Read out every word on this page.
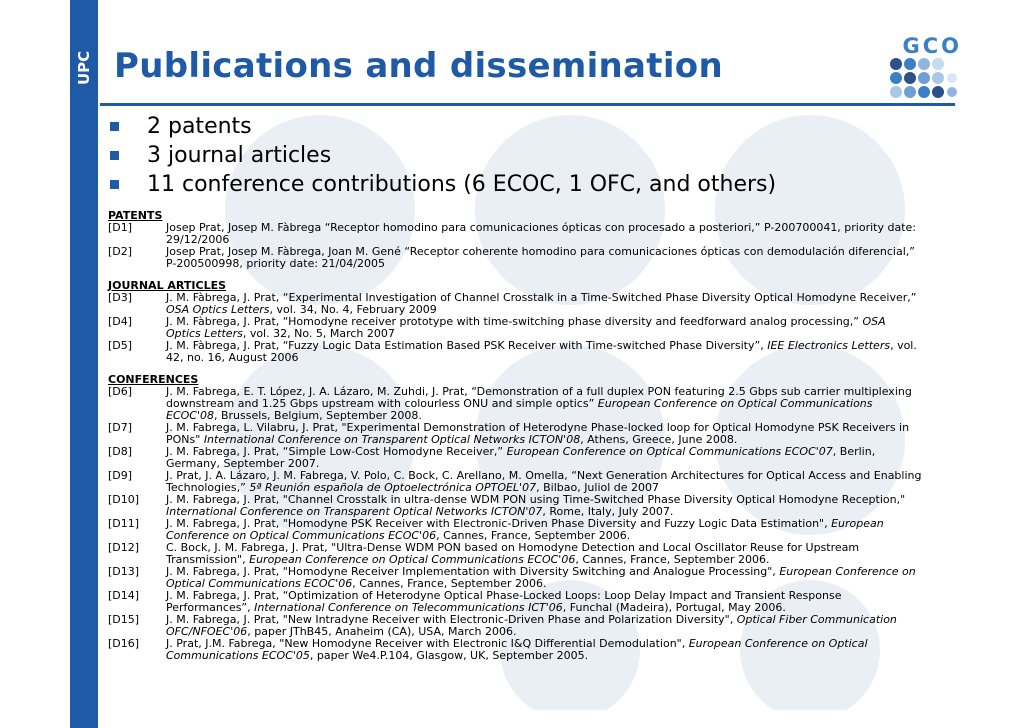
UPC Publications and dissemination	GCO
2 patents
3 journal articles
11 conference contributions (6 ECOC, 1 OFC, and others)
PATENTS
[D1]	Josep Prat, Josep M. Fàbrega “Receptor homodino para comunicaciones ópticas con procesado a posteriori,” P-200700041, priority date: 29/12/2006
[D2]	Josep Prat, Josep M. Fàbrega, Joan M. Gené “Receptor coherente homodino para comunicaciones ópticas con demodulación diferencial,” P-200500998, priority date: 21/04/2005
JOURNAL ARTICLES
[D3]	J. M. Fàbrega, J. Prat, “Experimental Investigation of Channel Crosstalk in a Time-Switched Phase Diversity Optical Homodyne Receiver,” OSA Optics Letters, vol. 34, No. 4, February 2009
[D4]	J. M. Fàbrega, J. Prat, “Homodyne receiver prototype with time-switching phase diversity and feedforward analog processing,” OSA Optics Letters, vol. 32, No. 5, March 2007
[D5]	J. M. Fàbrega, J. Prat, “Fuzzy Logic Data Estimation Based PSK Receiver with Time-switched Phase Diversity”, IEE Electronics Letters, vol. 42, no. 16, August 2006
CONFERENCES
[D6]	J. M. Fabrega, E. T. López, J. A. Lázaro, M. Zuhdi, J. Prat, “Demonstration of a full duplex PON featuring 2.5 Gbps sub carrier multiplexing downstream and 1.25 Gbps upstream with colourless ONU and simple optics” European Conference on Optical Communications ECOC'08, Brussels, Belgium, September 2008.
[D7]	J. M. Fabrega, L. Vilabru, J. Prat, "Experimental Demonstration of Heterodyne Phase-locked loop for Optical Homodyne PSK Receivers in PONs" International Conference on Transparent Optical Networks ICTON'08, Athens, Greece, June 2008.
[D8]	J. M. Fabrega, J. Prat, “Simple Low-Cost Homodyne Receiver,” European Conference on Optical Communications ECOC'07, Berlin, Germany, September 2007.
[D9]	J. Prat, J. A. Lázaro, J. M. Fabrega, V. Polo, C. Bock, C. Arellano, M. Omella, “Next Generation Architectures for Optical Access and Enabling Technologies,” 5ª Reunión española de Optoelectrónica OPTOEL'07, Bilbao, Juliol de 2007
[D10]	J. M. Fabrega, J. Prat, "Channel Crosstalk in ultra-dense WDM PON using Time-Switched Phase Diversity Optical Homodyne Reception," International Conference on Transparent Optical Networks ICTON'07, Rome, Italy, July 2007.
[D11]	J. M. Fabrega, J. Prat, "Homodyne PSK Receiver with Electronic-Driven Phase Diversity and Fuzzy Logic Data Estimation", European Conference on Optical Communications ECOC'06, Cannes, France, September 2006.
[D12]	C. Bock, J. M. Fabrega, J. Prat, "Ultra-Dense WDM PON based on Homodyne Detection and Local Oscillator Reuse for Upstream Transmission", European Conference on Optical Communications ECOC'06, Cannes, France, September 2006.
[D13]	J. M. Fabrega, J. Prat, "Homodyne Receiver Implementation with Diversity Switching and Analogue Processing", European Conference on Optical Communications ECOC'06, Cannes, France, September 2006.
[D14]	J. M. Fabrega, J. Prat, “Optimization of Heterodyne Optical Phase-Locked Loops: Loop Delay Impact and Transient Response Performances”, International Conference on Telecommunications ICT'06, Funchal (Madeira), Portugal, May 2006.
[D15]	J. M. Fabrega, J. Prat, "New Intradyne Receiver with Electronic-Driven Phase and Polarization Diversity", Optical Fiber Communication OFC/NFOEC'06, paper JThB45, Anaheim (CA), USA, March 2006.
[D16]	J. Prat, J.M. Fabrega, "New Homodyne Receiver with Electronic I&Q Differential Demodulation", European Conference on Optical Communications ECOC'05, paper We4.P.104, Glasgow, UK, September 2005.
